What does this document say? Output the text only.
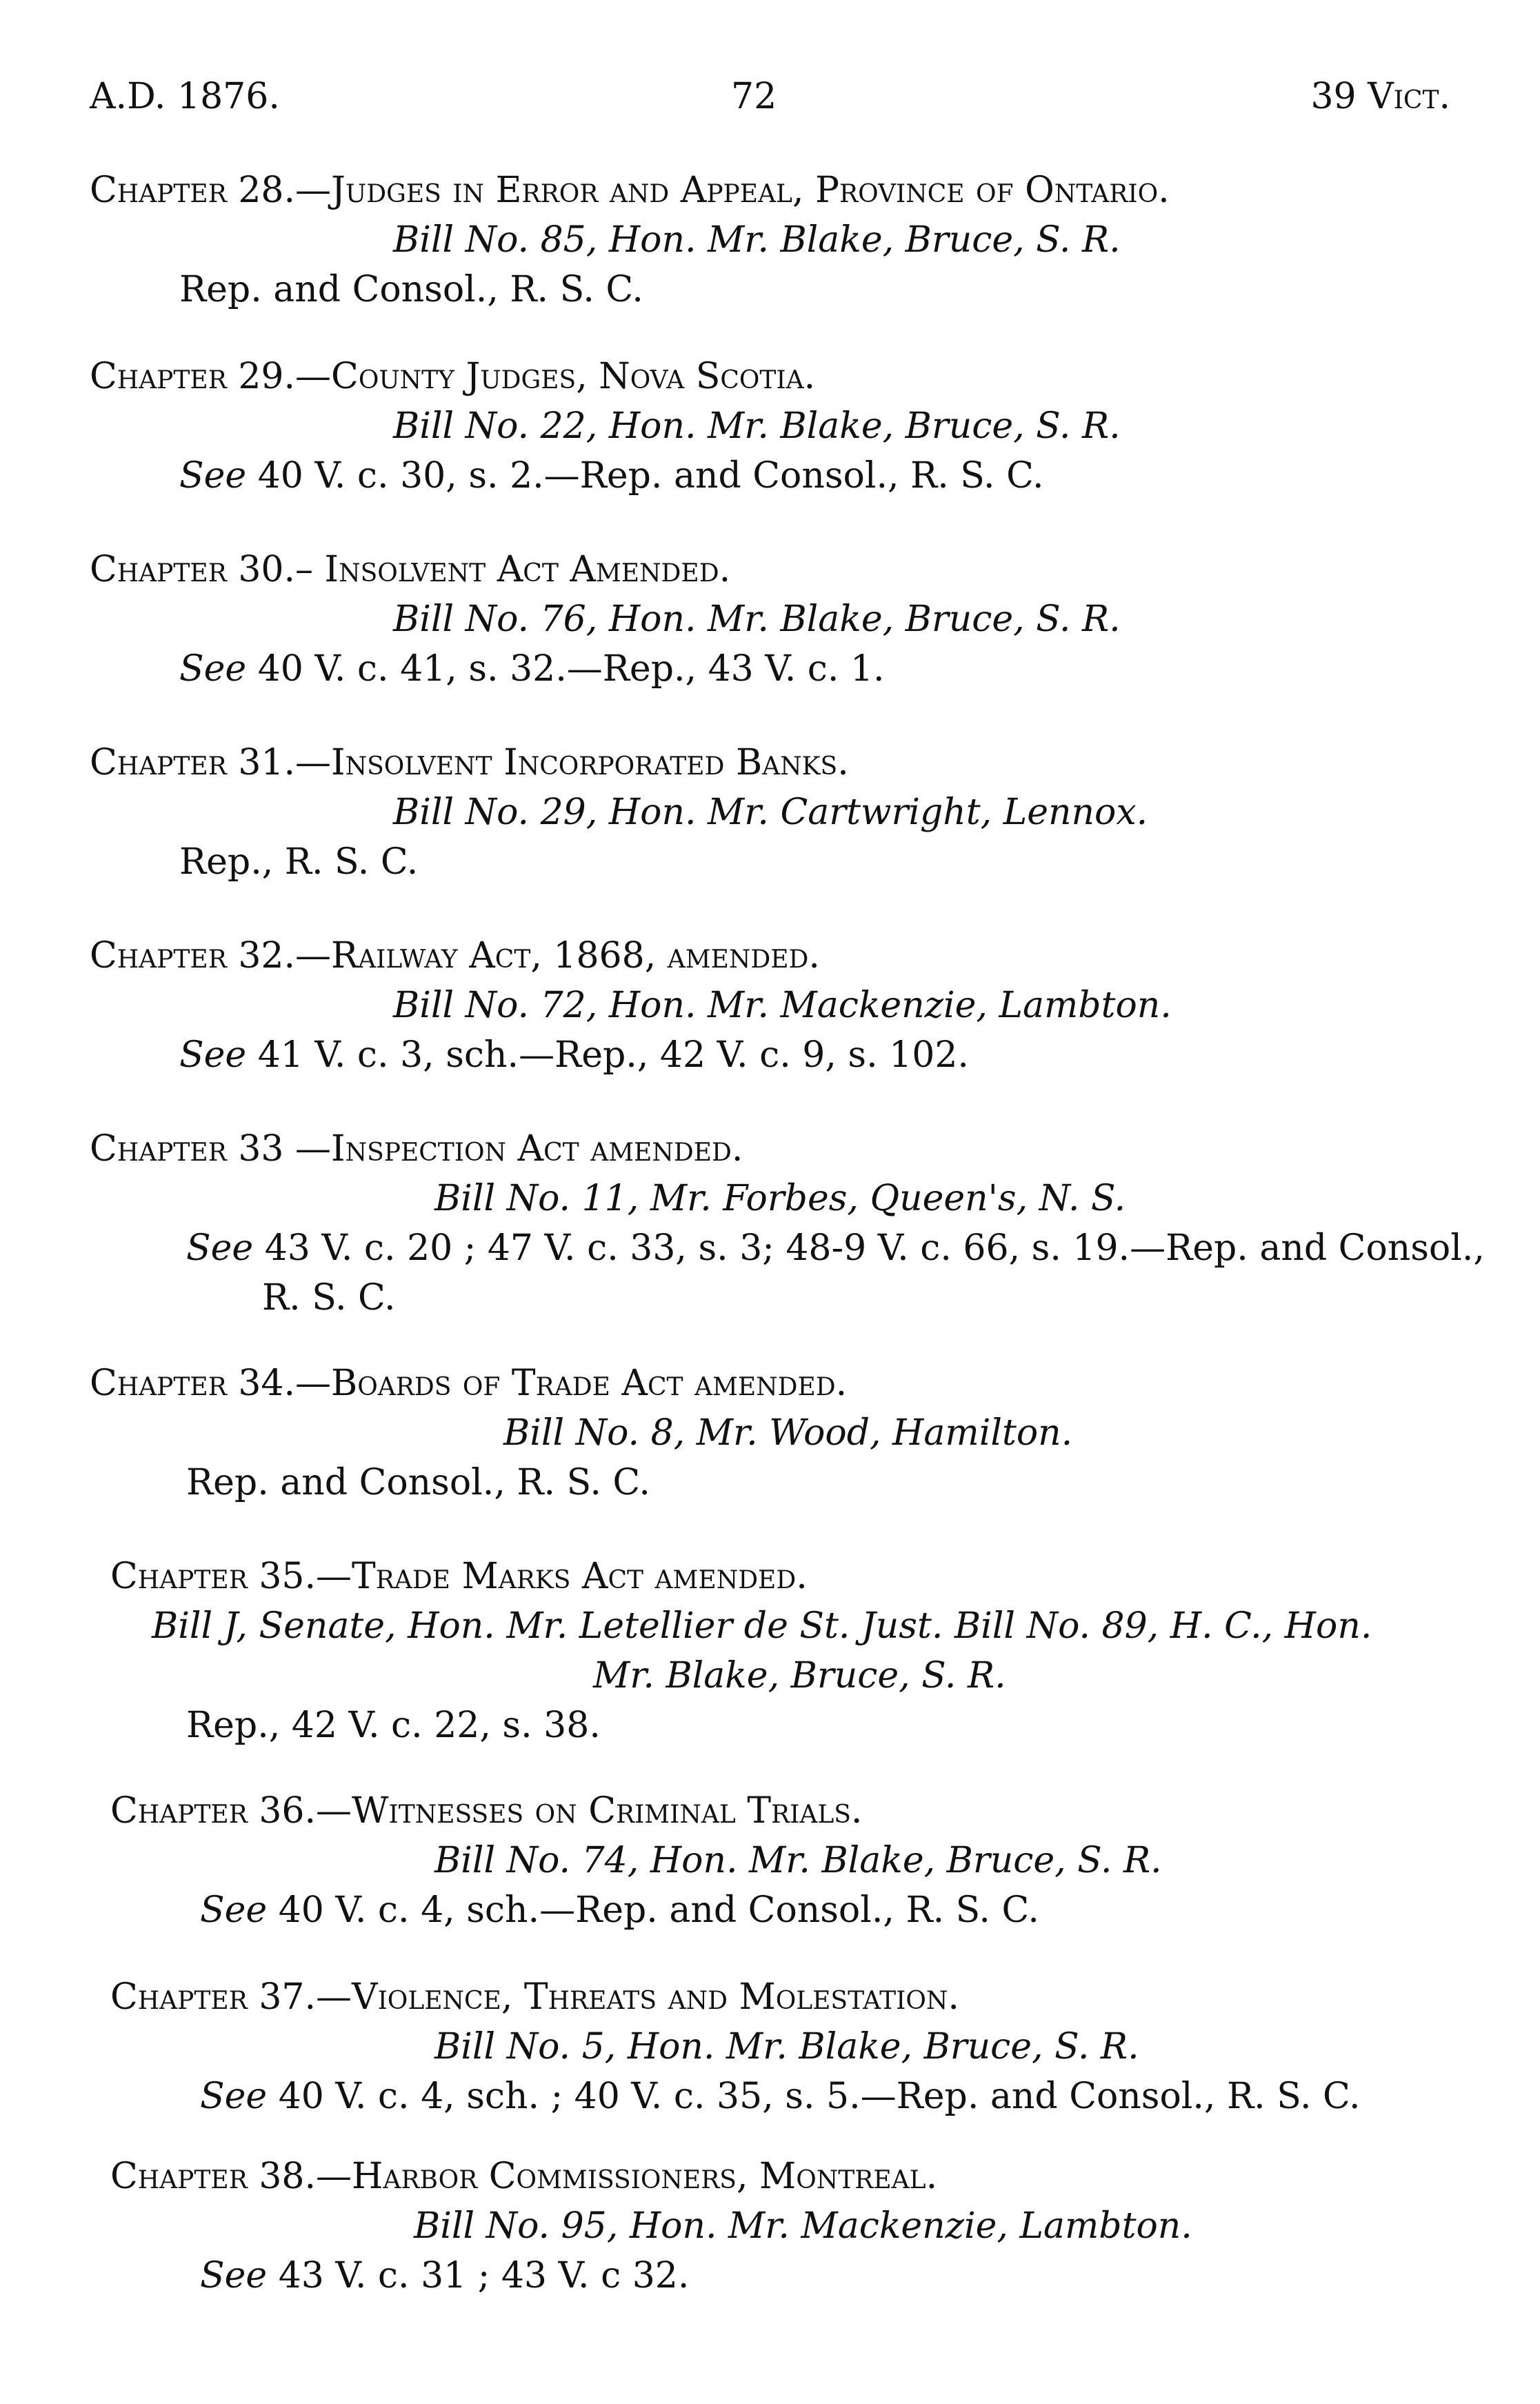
A.D. 1876.	72	39 Vict.
Chapter 28.—Judges in Error and Appeal, Province of Ontario.
Bill No. 85, Hon. Mr. Blake, Bruce, S. R.
Rep. and Consol., R. S. C.
Chapter 29.—County Judges, Nova Scotia.
Bill No. 22, Hon. Mr. Blake, Bruce, S. R.
See 40 V. c. 30, s. 2.—Rep. and Consol., R. S. C.
Chapter 30.– Insolvent Act Amended.
Bill No. 76, Hon. Mr. Blake, Bruce, S. R.
See 40 V. c. 41, s. 32.—Rep., 43 V. c. 1.
Chapter 31.—Insolvent Incorporated Banks.
Bill No. 29, Hon. Mr. Cartwright, Lennox.
Rep., R. S. C.
Chapter 32.—Railway Act, 1868, amended.
Bill No. 72, Hon. Mr. Mackenzie, Lambton.
See 41 V. c. 3, sch.—Rep., 42 V. c. 9, s. 102.
Chapter 33 —Inspection Act amended.
Bill No. 11, Mr. Forbes, Queen's, N. S.
See 43 V. c. 20 ; 47 V. c. 33, s. 3; 48-9 V. c. 66, s. 19.—Rep. and Consol.,
R. S. C.
Chapter 34.—Boards of Trade Act amended.
Bill No. 8, Mr. Wood, Hamilton.
Rep. and Consol., R. S. C.
Chapter 35.—Trade Marks Act amended.
Bill J, Senate, Hon. Mr. Letellier de St. Just. Bill No. 89, H. C., Hon.
Mr. Blake, Bruce, S. R.
Rep., 42 V. c. 22, s. 38.
Chapter 36.—Witnesses on Criminal Trials.
Bill No. 74, Hon. Mr. Blake, Bruce, S. R.
See 40 V. c. 4, sch.—Rep. and Consol., R. S. C.
Chapter 37.—Violence, Threats and Molestation.
Bill No. 5, Hon. Mr. Blake, Bruce, S. R.
See 40 V. c. 4, sch. ; 40 V. c. 35, s. 5.—Rep. and Consol., R. S. C.
Chapter 38.—Harbor Commissioners, Montreal.
Bill No. 95, Hon. Mr. Mackenzie, Lambton.
See 43 V. c. 31 ; 43 V. c 32.
